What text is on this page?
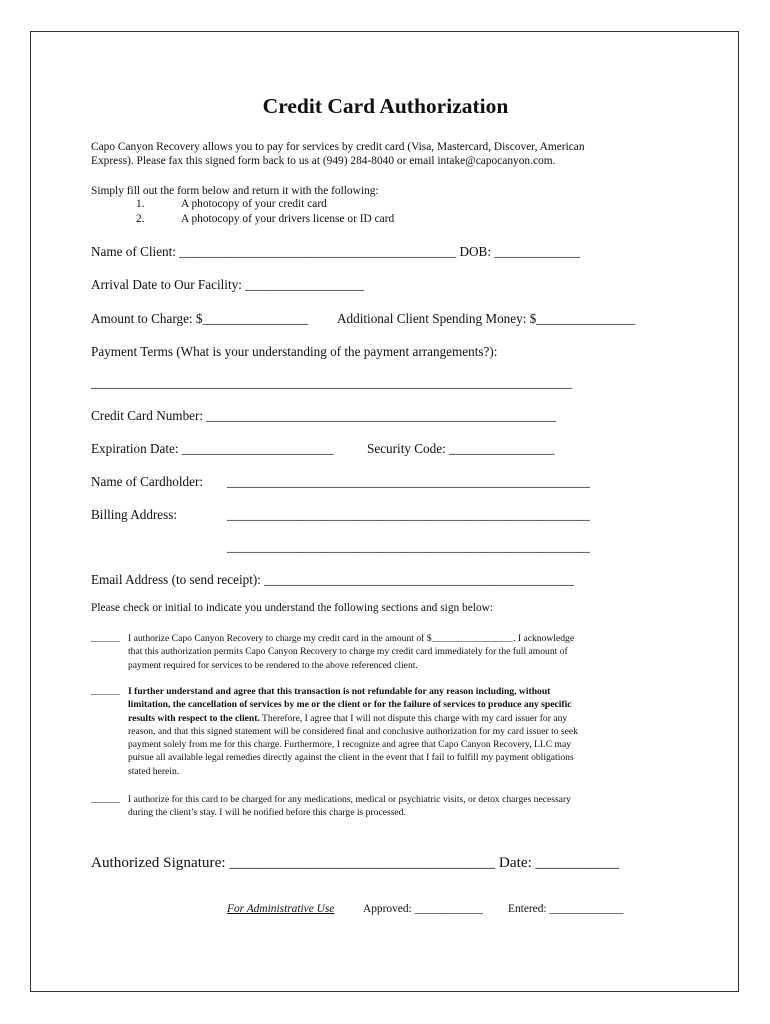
Credit Card Authorization
Capo Canyon Recovery allows you to pay for services by credit card (Visa, Mastercard, Discover, American
Express). Please fax this signed form back to us at (949) 284-8040 or email intake@capocanyon.com.
Simply fill out the form below and return it with the following:
1.	A photocopy of your credit card
2.	A photocopy of your drivers license or ID card
Name of Client: __________________________________________ DOB: _____________
Arrival Date to Our Facility: __________________
Amount to Charge: $________________ Additional Client Spending Money: $_______________
Payment Terms (What is your understanding of the payment arrangements?):
_________________________________________________________________________
Credit Card Number: _____________________________________________________
Expiration Date: _______________________	Security Code: ________________
Name of Cardholder: _______________________________________________________
Billing Address:	_______________________________________________________
_______________________________________________________
Email Address (to send receipt): _______________________________________________
Please check or initial to indicate you understand the following sections and sign below:
______ I authorize Capo Canyon Recovery to charge my credit card in the amount of $_________________. I acknowledge
that this authorization permits Capo Canyon Recovery to charge my credit card immediately for the full amount of
payment required for services to be rendered to the above referenced client.
______ I further understand and agree that this transaction is not refundable for any reason including, without
limitation, the cancellation of services by me or the client or for the failure of services to produce any specific
results with respect to the client. Therefore, I agree that I will not dispute this charge with my card issuer for any
reason, and that this signed statement will be considered final and conclusive authorization for my card issuer to seek
payment solely from me for this charge. Furthermore, I recognize and agree that Capo Canyon Recovery, LLC may
pursue all available legal remedies directly against the client in the event that I fail to fulfill my payment obligations
stated herein.
______ I authorize for this card to be charged for any medications, medical or psychiatric visits, or detox charges necessary
during the client’s stay. I will be notified before this charge is processed.
Authorized Signature: ___________________________________ Date: ___________
For Administrative Use	Approved: ____________ Entered: _____________
